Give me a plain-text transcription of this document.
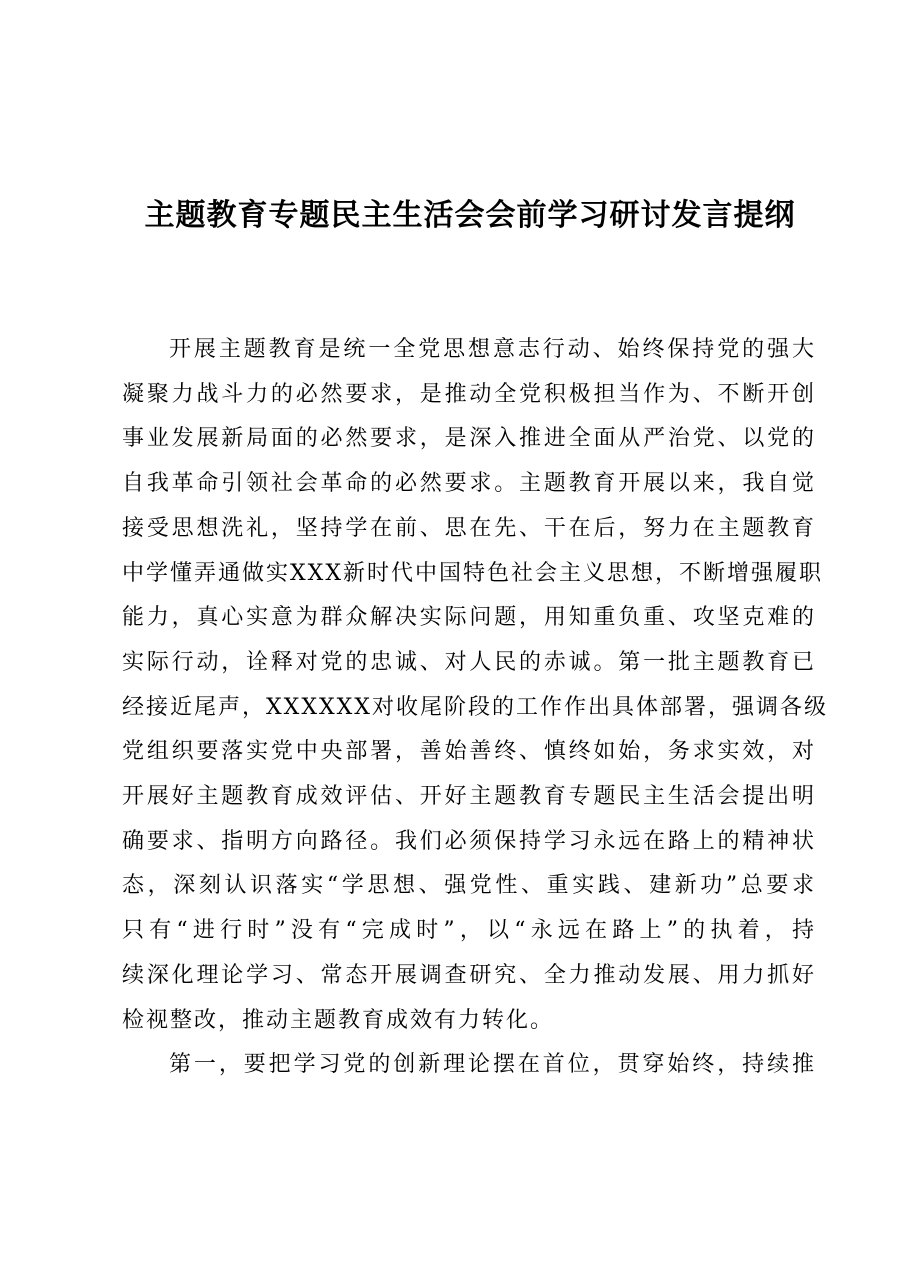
主题教育专题民主生活会会前学习研讨发言提纲
开展主题教育是统一全党思想意志行动、始终保持党的强大
凝聚力战斗力的必然要求，是推动全党积极担当作为、不断开创
事业发展新局面的必然要求，是深入推进全面从严治党、以党的
自我革命引领社会革命的必然要求。主题教育开展以来，我自觉
接受思想洗礼，坚持学在前、思在先、干在后，努力在主题教育
中学懂弄通做实XXX新时代中国特色社会主义思想，不断增强履职
能力，真心实意为群众解决实际问题，用知重负重、攻坚克难的
实际行动，诠释对党的忠诚、对人民的赤诚。第一批主题教育已
经接近尾声，XXXXXX对收尾阶段的工作作出具体部署，强调各级
党组织要落实党中央部署，善始善终、慎终如始，务求实效，对
开展好主题教育成效评估、开好主题教育专题民主生活会提出明
确要求、指明方向路径。我们必须保持学习永远在路上的精神状
态，深刻认识落实“学思想、强党性、重实践、建新功”总要求
只有“进行时”没有“完成时”，以“永远在路上”的执着，持
续深化理论学习、常态开展调查研究、全力推动发展、用力抓好
检视整改，推动主题教育成效有力转化。
第一，要把学习党的创新理论摆在首位，贯穿始终，持续推
